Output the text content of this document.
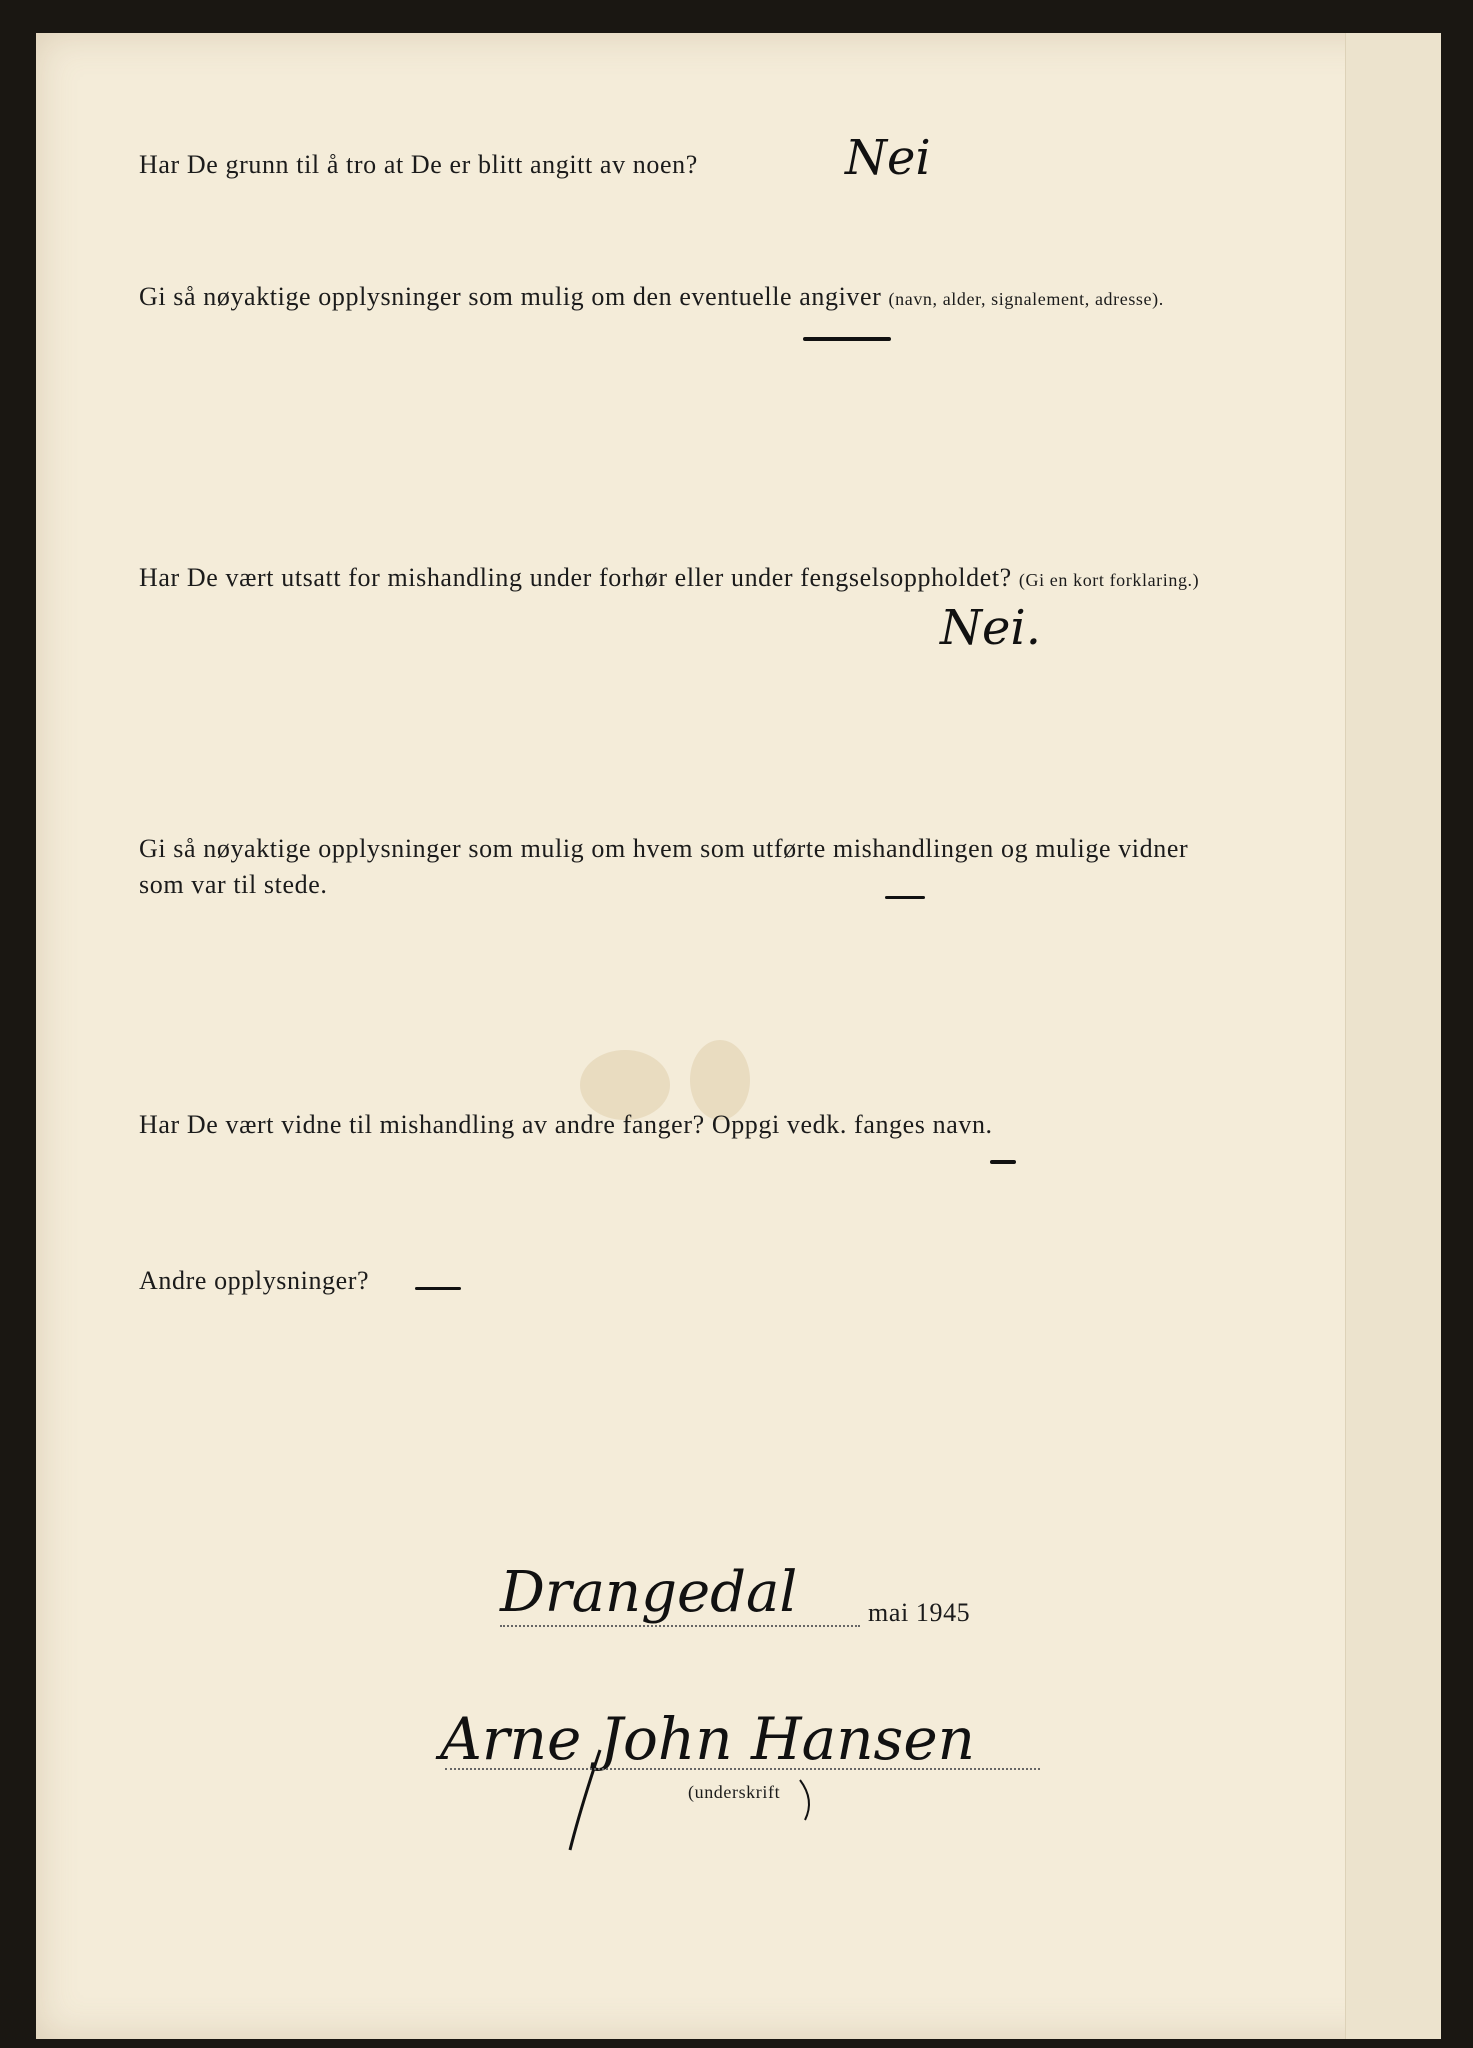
Har De grunn til å tro at De er blitt angitt av noen?	Nei
Gi så nøyaktige opplysninger som mulig om den eventuelle angiver (navn, alder, signalement, adresse).
Har De vært utsatt for mishandling under forhør eller under fengselsoppholdet? (Gi en kort forklaring.)
Nei.
Gi så nøyaktige opplysninger som mulig om hvem som utførte mishandlingen og mulige vidner
som var til stede.
Har De vært vidne til mishandling av andre fanger? Oppgi vedk. fanges navn.
Andre opplysninger?
Drangedal	mai 1945
Arne John Hansen
(underskrift
